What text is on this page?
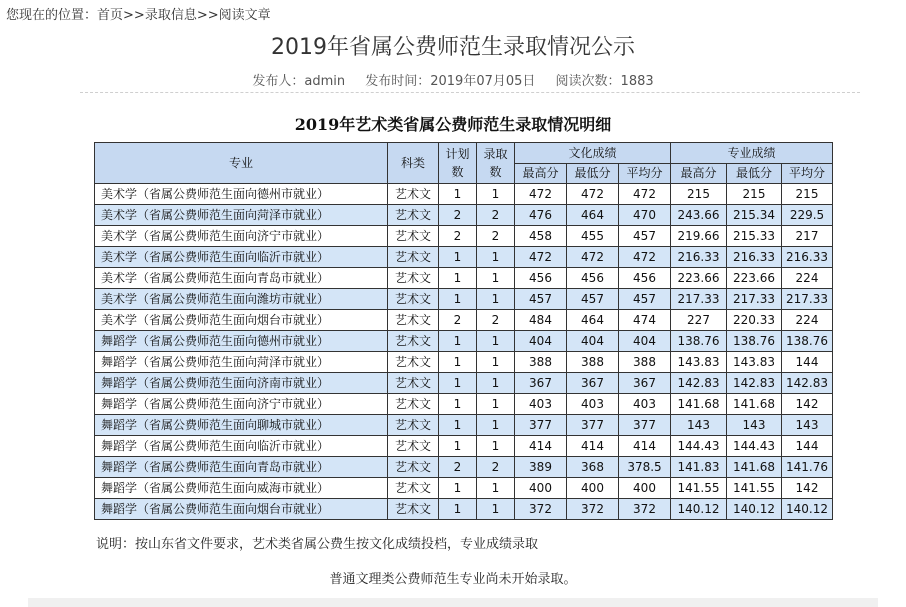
您现在的位置：首页>>录取信息>>阅读文章
2019年省属公费师范生录取情况公示
发布人：admin 发布时间：2019年07月05日 阅读次数：1883
2019年艺术类省属公费师范生录取情况明细
专业	科类	计划数	录取数	文化成绩			专业成绩		
				最高分	最低分	平均分	最高分	最低分	平均分
美术学（省属公费师范生面向德州市就业）	艺术文	1	1	472	472	472	215	215	215
美术学（省属公费师范生面向菏泽市就业）	艺术文	2	2	476	464	470	243.66	215.34	229.5
美术学（省属公费师范生面向济宁市就业）	艺术文	2	2	458	455	457	219.66	215.33	217
美术学（省属公费师范生面向临沂市就业）	艺术文	1	1	472	472	472	216.33	216.33	216.33
美术学（省属公费师范生面向青岛市就业）	艺术文	1	1	456	456	456	223.66	223.66	224
美术学（省属公费师范生面向潍坊市就业）	艺术文	1	1	457	457	457	217.33	217.33	217.33
美术学（省属公费师范生面向烟台市就业）	艺术文	2	2	484	464	474	227	220.33	224
舞蹈学（省属公费师范生面向德州市就业）	艺术文	1	1	404	404	404	138.76	138.76	138.76
舞蹈学（省属公费师范生面向菏泽市就业）	艺术文	1	1	388	388	388	143.83	143.83	144
舞蹈学（省属公费师范生面向济南市就业）	艺术文	1	1	367	367	367	142.83	142.83	142.83
舞蹈学（省属公费师范生面向济宁市就业）	艺术文	1	1	403	403	403	141.68	141.68	142
舞蹈学（省属公费师范生面向聊城市就业）	艺术文	1	1	377	377	377	143	143	143
舞蹈学（省属公费师范生面向临沂市就业）	艺术文	1	1	414	414	414	144.43	144.43	144
舞蹈学（省属公费师范生面向青岛市就业）	艺术文	2	2	389	368	378.5	141.83	141.68	141.76
舞蹈学（省属公费师范生面向威海市就业）	艺术文	1	1	400	400	400	141.55	141.55	142
舞蹈学（省属公费师范生面向烟台市就业）	艺术文	1	1	372	372	372	140.12	140.12	140.12
说明：按山东省文件要求，艺术类省属公费生按文化成绩投档，专业成绩录取
普通文理类公费师范生专业尚未开始录取。
